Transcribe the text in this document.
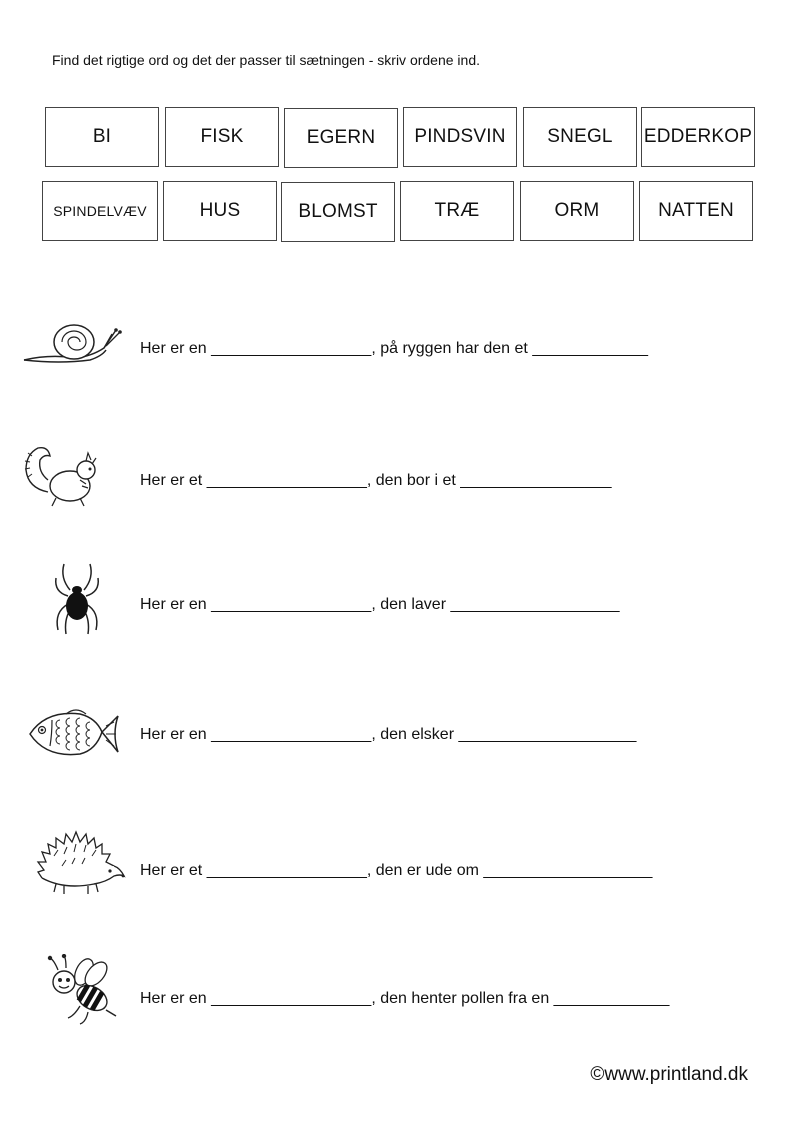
Find det rigtige ord og det der passer til sætningen - skriv ordene ind.
BI	FISK	EGERN	PINDSVIN	SNEGL	EDDERKOP
SPINDELVÆV	HUS	BLOMST	TRÆ	ORM	NATTEN
Her er en __________________, på ryggen har den et _____________
Her er et __________________, den bor i et _________________
Her er en __________________, den laver ___________________
Her er en __________________, den elsker ____________________
Her er et __________________, den er ude om ___________________
Her er en __________________, den henter pollen fra en _____________
©www.printland.dk
